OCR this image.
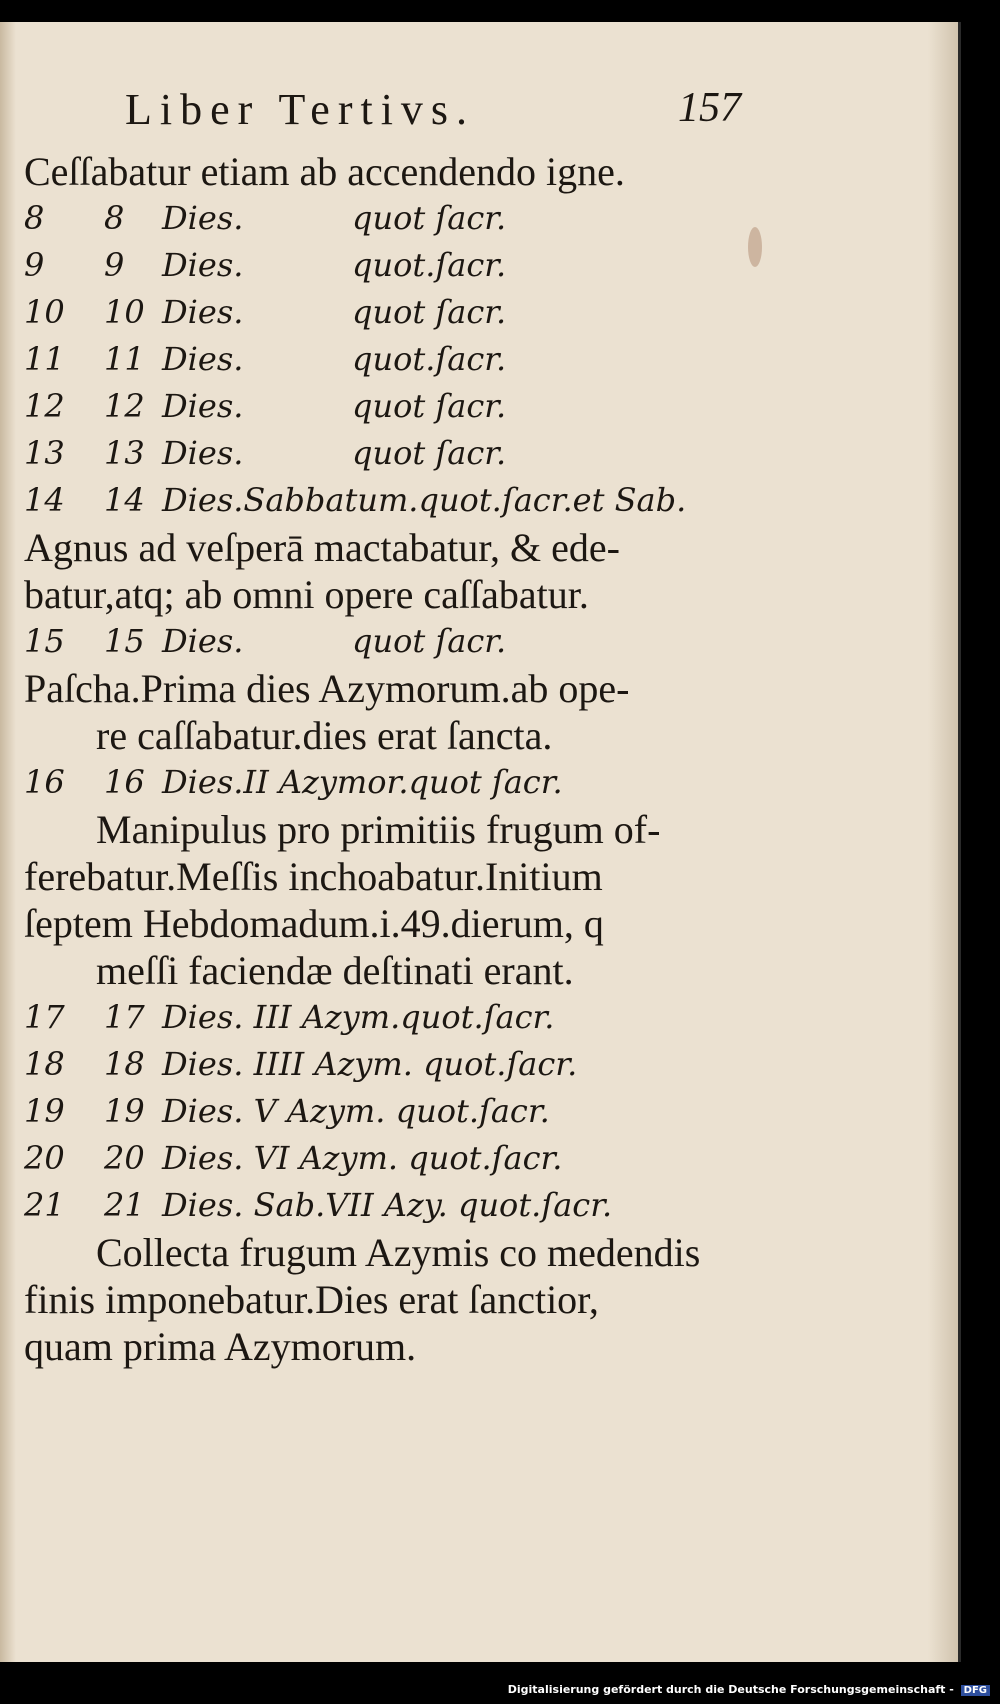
Liber Tertivs.	157
Ceſſabatur etiam ab accendendo igne.
8 8 Dies.	quot ſacr.
9 9 Dies.	quot.ſacr.
10 10 Dies.	quot ſacr.
11 11 Dies.	quot.ſacr.
12 12 Dies.	quot ſacr.
13 13 Dies.	quot ſacr.
14 14 Dies.Sabbatum.quot.ſacr.et Sab.
Agnus ad veſperā mactabatur, & ede-
batur,atq; ab omni opere caſſabatur.
15 15 Dies.	quot ſacr.
Paſcha.Prima dies Azymorum.ab ope-
re caſſabatur.dies erat ſancta.
16 16 Dies.II Azymor.quot ſacr.
Manipulus pro primitiis frugum of-
ferebatur.Meſſis inchoabatur.Initium
ſeptem Hebdomadum.i.49.dierum, q
meſſi faciendæ deſtinati erant.
17 17 Dies. III Azym.quot.ſacr.
18 18 Dies. IIII Azym. quot.ſacr.
19 19 Dies. V Azym. quot.ſacr.
20 20 Dies. VI Azym. quot.ſacr.
21 21 Dies. Sab.VII Azy. quot.ſacr.
Collecta frugum Azymis co medendis
finis imponebatur.Dies erat ſanctior,
quam prima Azymorum.
Digitalisierung gefördert durch die Deutsche Forschungsgemeinschaft - DFG
